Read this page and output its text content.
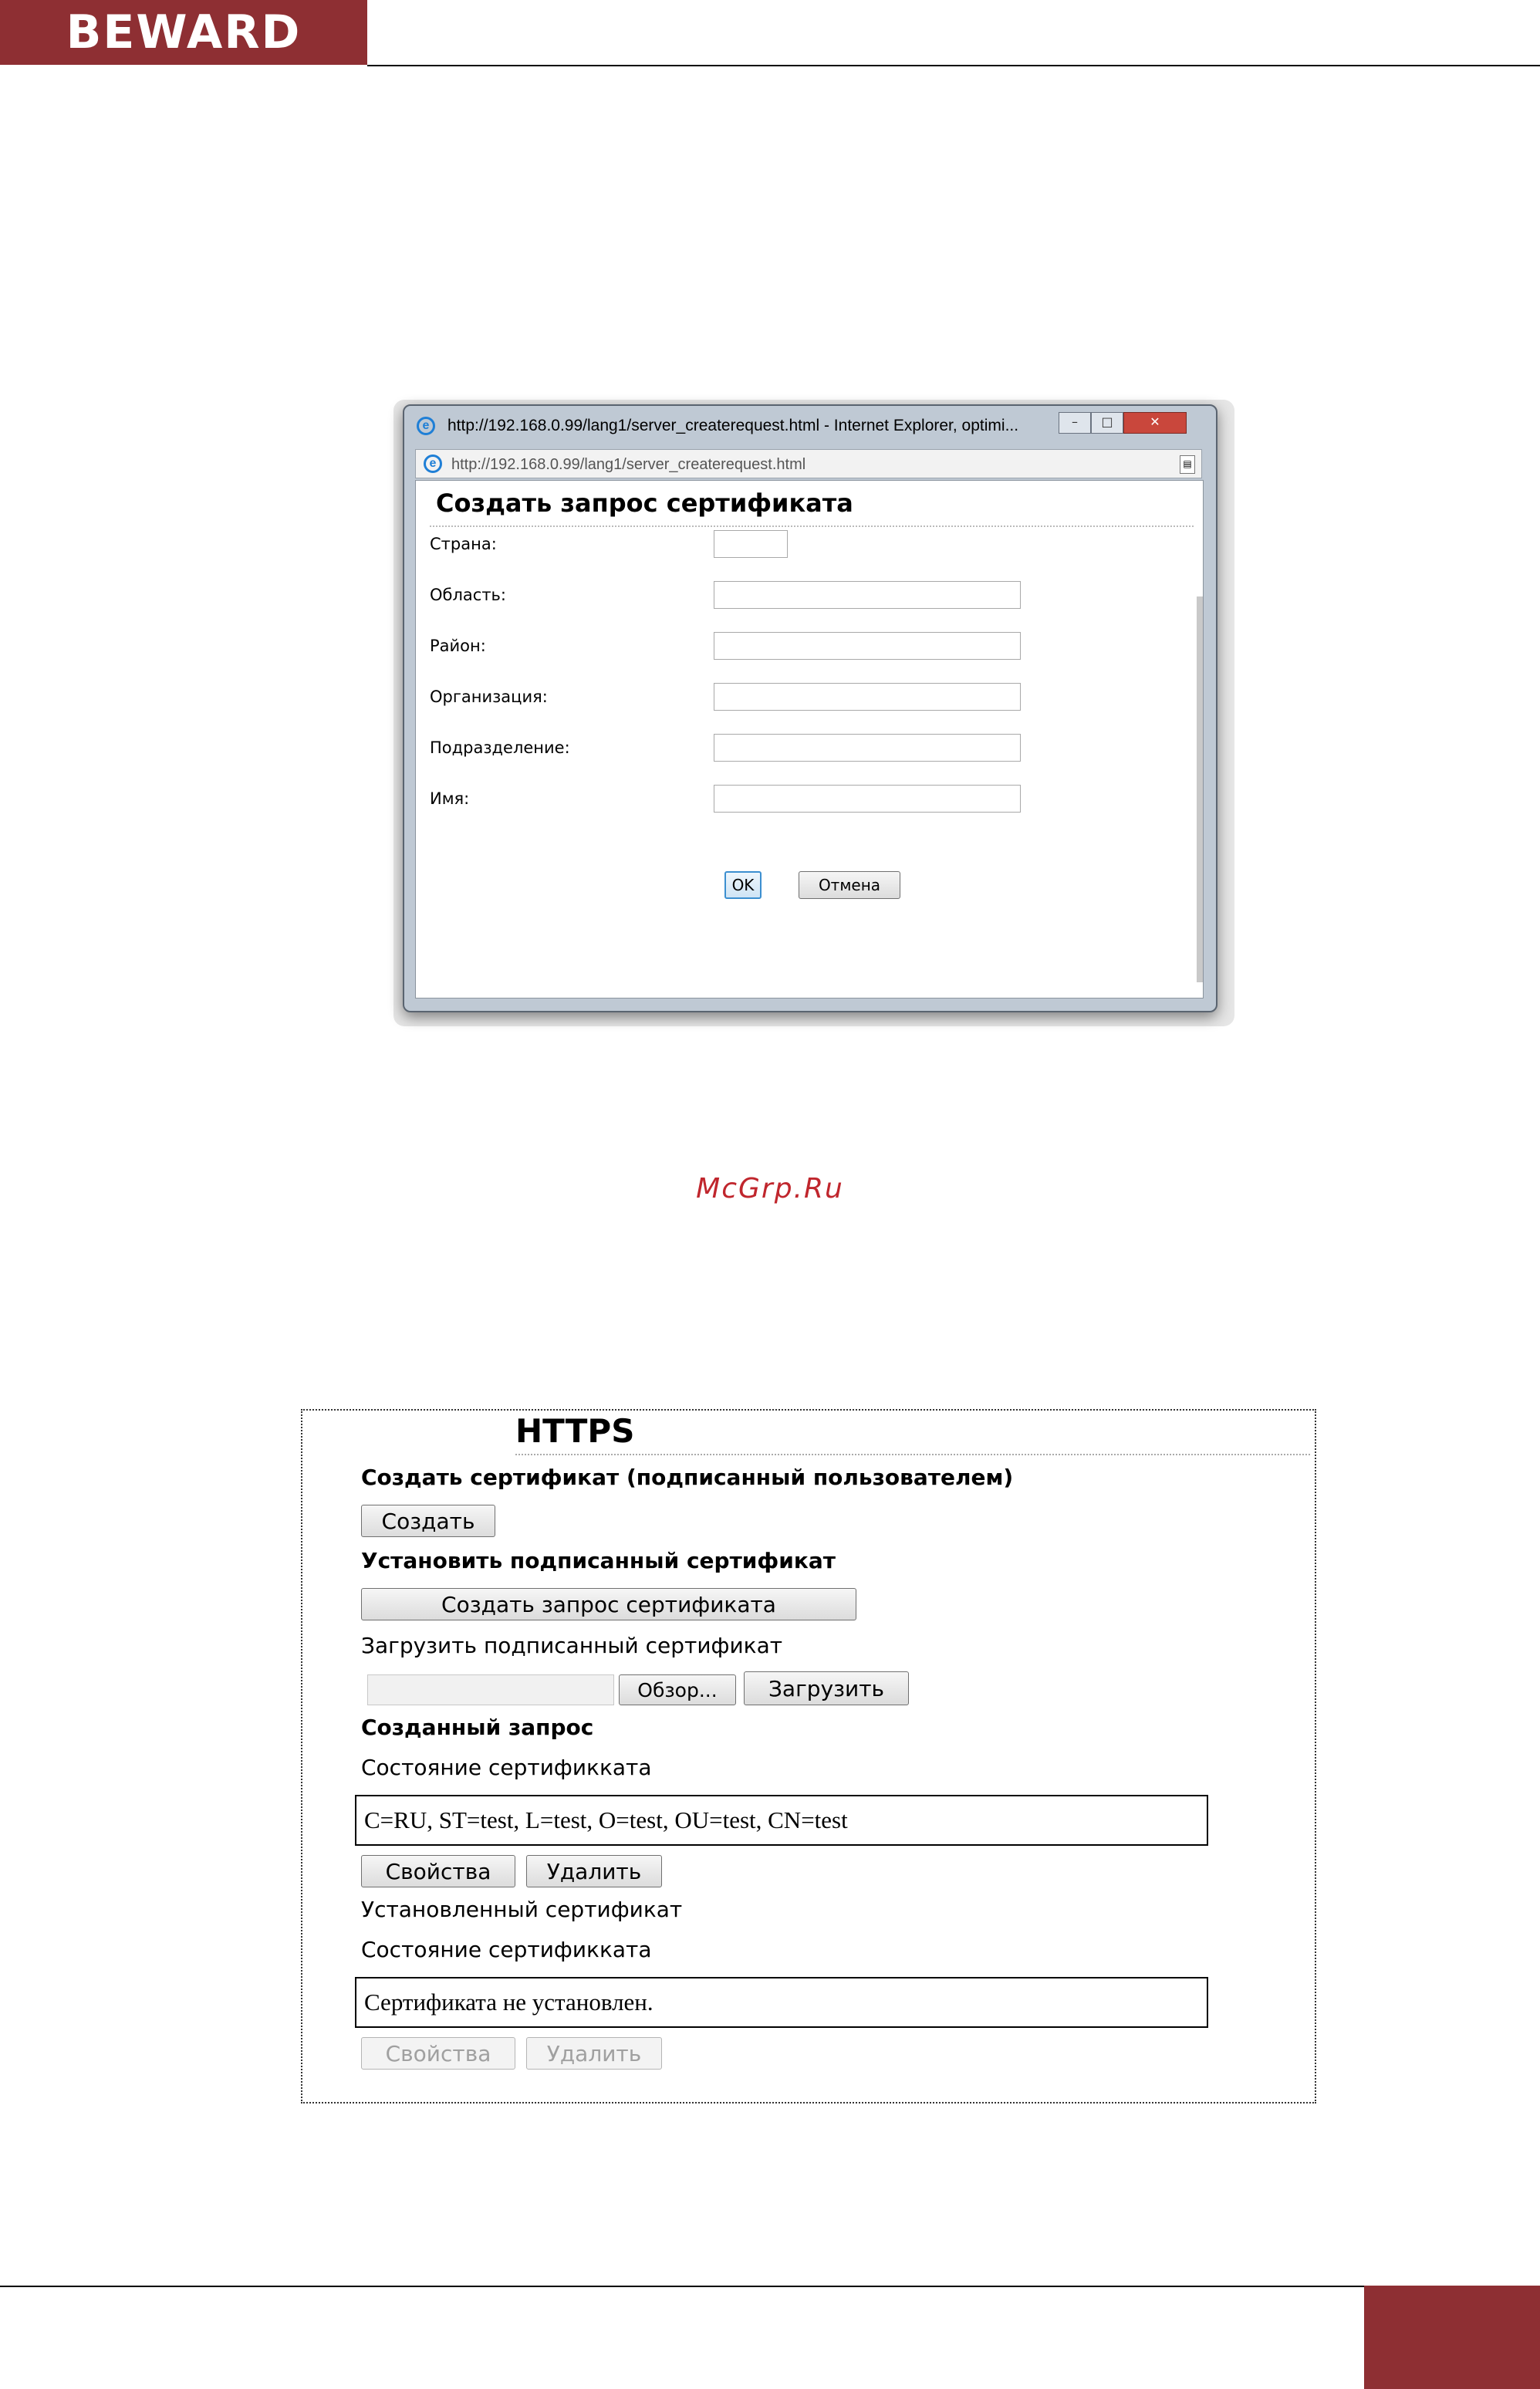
BEWARD
e	http://192.168.0.99/lang1/server_createrequest.html - Internet Explorer, optimi...	–	□	✕
e http://192.168.0.99/lang1/server_createrequest.html	▤
Создать запрос сертификата
Страна:
Область:
Район:
Организация:
Подразделение:
Имя:
OK	Отмена
McGrp.Ru
HTTPS
Создать сертификат (подписанный пользователем)
Создать
Установить подписанный сертификат
Создать запрос сертификата
Загрузить подписанный сертификат
Обзор...	Загрузить
Созданный запрос
Состояние сертификката
C=RU, ST=test, L=test, O=test, OU=test, CN=test
Свойства	Удалить
Установленный сертификат
Состояние сертификката
Сертификата не установлен.
Свойства	Удалить
